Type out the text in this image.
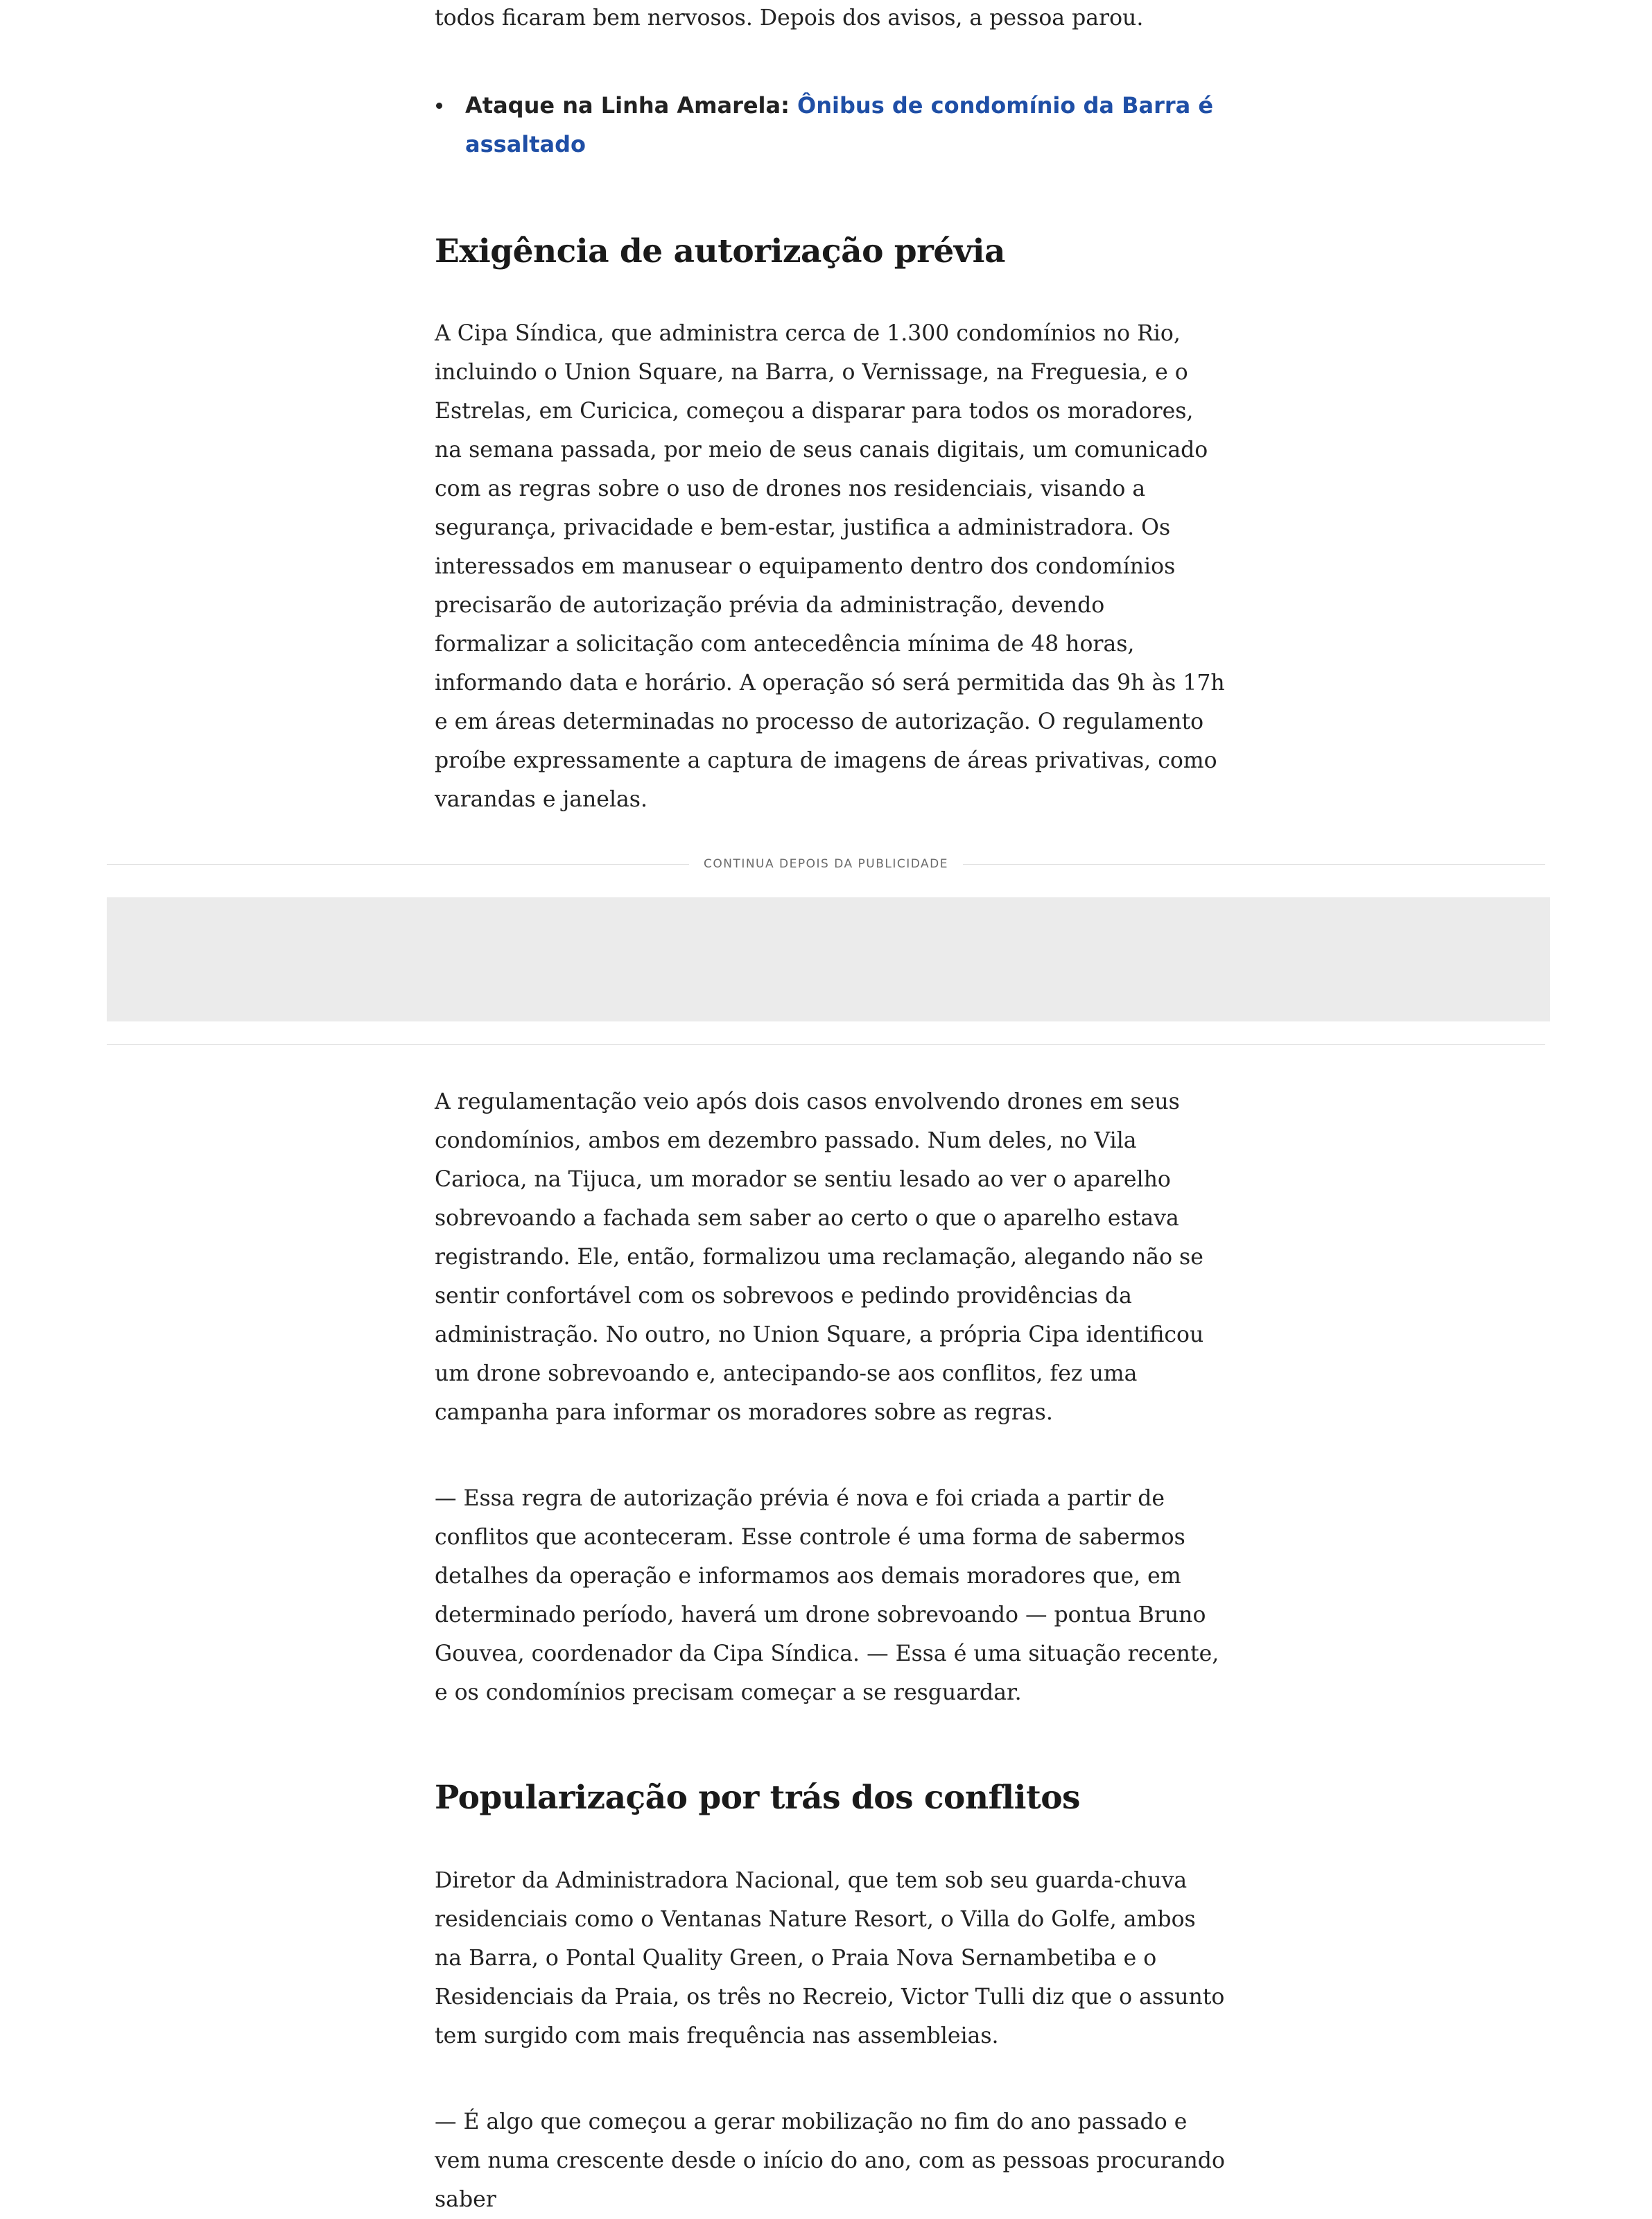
todos ficaram bem nervosos. Depois dos avisos, a pessoa parou.

Ataque na Linha Amarela: Ônibus de condomínio da Barra é assaltado
Exigência de autorização prévia

A Cipa Síndica, que administra cerca de 1.300 condomínios no Rio, incluindo o Union Square, na Barra, o Vernissage, na Freguesia, e o Estrelas, em Curicica, começou a disparar para todos os moradores, na semana passada, por meio de seus canais digitais, um comunicado com as regras sobre o uso de drones nos residenciais, visando a segurança, privacidade e bem-estar, justifica a administradora. Os interessados em manusear o equipamento dentro dos condomínios precisarão de autorização prévia da administração, devendo formalizar a solicitação com antecedência mínima de 48 horas, informando data e horário. A operação só será permitida das 9h às 17h e em áreas determinadas no processo de autorização. O regulamento proíbe expressamente a captura de imagens de áreas privativas, como varandas e janelas.

CONTINUA DEPOIS DA PUBLICIDADE

A regulamentação veio após dois casos envolvendo drones em seus condomínios, ambos em dezembro passado. Num deles, no Vila Carioca, na Tijuca, um morador se sentiu lesado ao ver o aparelho sobrevoando a fachada sem saber ao certo o que o aparelho estava registrando. Ele, então, formalizou uma reclamação, alegando não se sentir confortável com os sobrevoos e pedindo providências da administração. No outro, no Union Square, a própria Cipa identificou um drone sobrevoando e, antecipando-se aos conflitos, fez uma campanha para informar os moradores sobre as regras.

— Essa regra de autorização prévia é nova e foi criada a partir de conflitos que aconteceram. Esse controle é uma forma de sabermos detalhes da operação e informamos aos demais moradores que, em determinado período, haverá um drone sobrevoando — pontua Bruno Gouvea, coordenador da Cipa Síndica. — Essa é uma situação recente, e os condomínios precisam começar a se resguardar.

Popularização por trás dos conflitos

Diretor da Administradora Nacional, que tem sob seu guarda-chuva residenciais como o Ventanas Nature Resort, o Villa do Golfe, ambos na Barra, o Pontal Quality Green, o Praia Nova Sernambetiba e o Residenciais da Praia, os três no Recreio, Victor Tulli diz que o assunto tem surgido com mais frequência nas assembleias.

— É algo que começou a gerar mobilização no fim do ano passado e vem numa crescente desde o início do ano, com as pessoas procurando saber
